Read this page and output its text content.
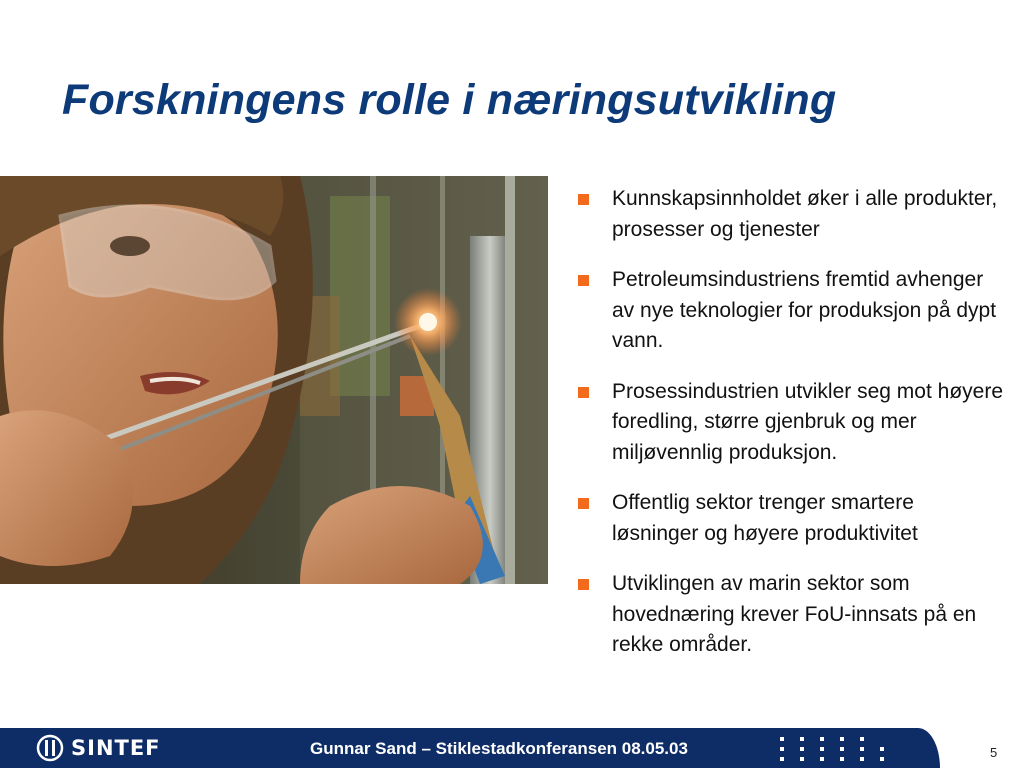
Forskningens rolle i næringsutvikling
Kunnskapsinnholdet øker i alle produkter, prosesser og tjenester
Petroleumsindustriens fremtid avhenger av nye teknologier for produksjon på dypt vann.
Prosessindustrien utvikler seg mot høyere foredling, større gjenbruk og mer miljøvennlig produksjon.
Offentlig sektor trenger smartere løsninger og høyere produktivitet
Utviklingen av marin sektor som hovednæring krever FoU-innsats på en rekke områder.
SINTEF	Gunnar Sand – Stiklestadkonferansen 08.05.03	5
